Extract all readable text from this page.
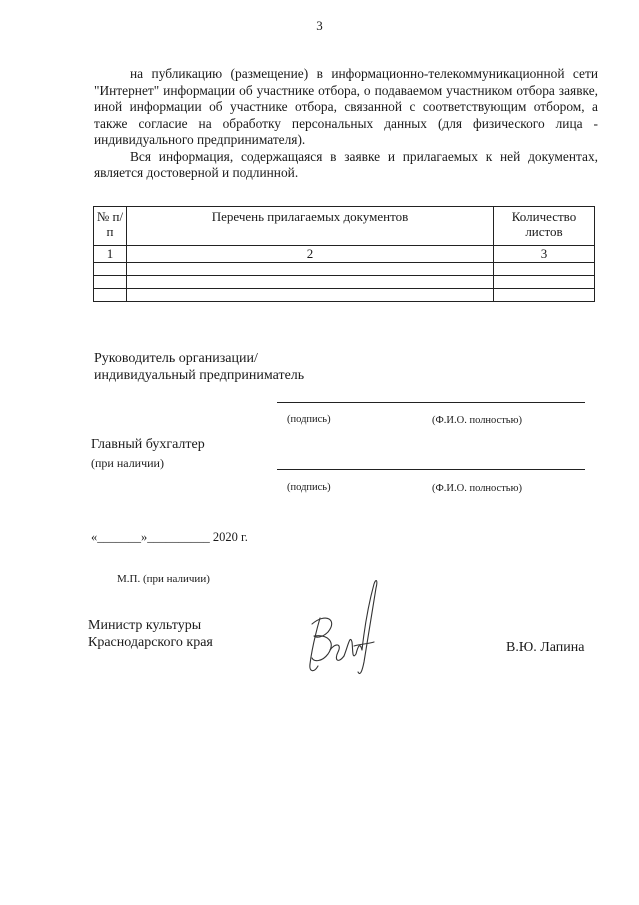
3

на публикацию (размещение) в информационно-телекоммуникационной сети "Интернет" информации об участнике отбора, о подаваемом участником отбора заявке, иной информации об участнике отбора, связанной с соответствующим отбором, а также согласие на обработку персональных данных (для физического лица - индивидуального предпринимателя).

Вся информация, содержащаяся в заявке и прилагаемых к ней документах, является достоверной и подлинной.

№ п/п	Перечень прилагаемых документов	Количество листов
1	2	3

Руководитель организации/
индивидуальный предприниматель
(подпись)	(Ф.И.О. полностью)
Главный бухгалтер
(при наличии)
(подпись)	(Ф.И.О. полностью)
«_______»__________ 2020 г.
М.П. (при наличии)
Министр культуры
Краснодарского края	В.Ю. Лапина
